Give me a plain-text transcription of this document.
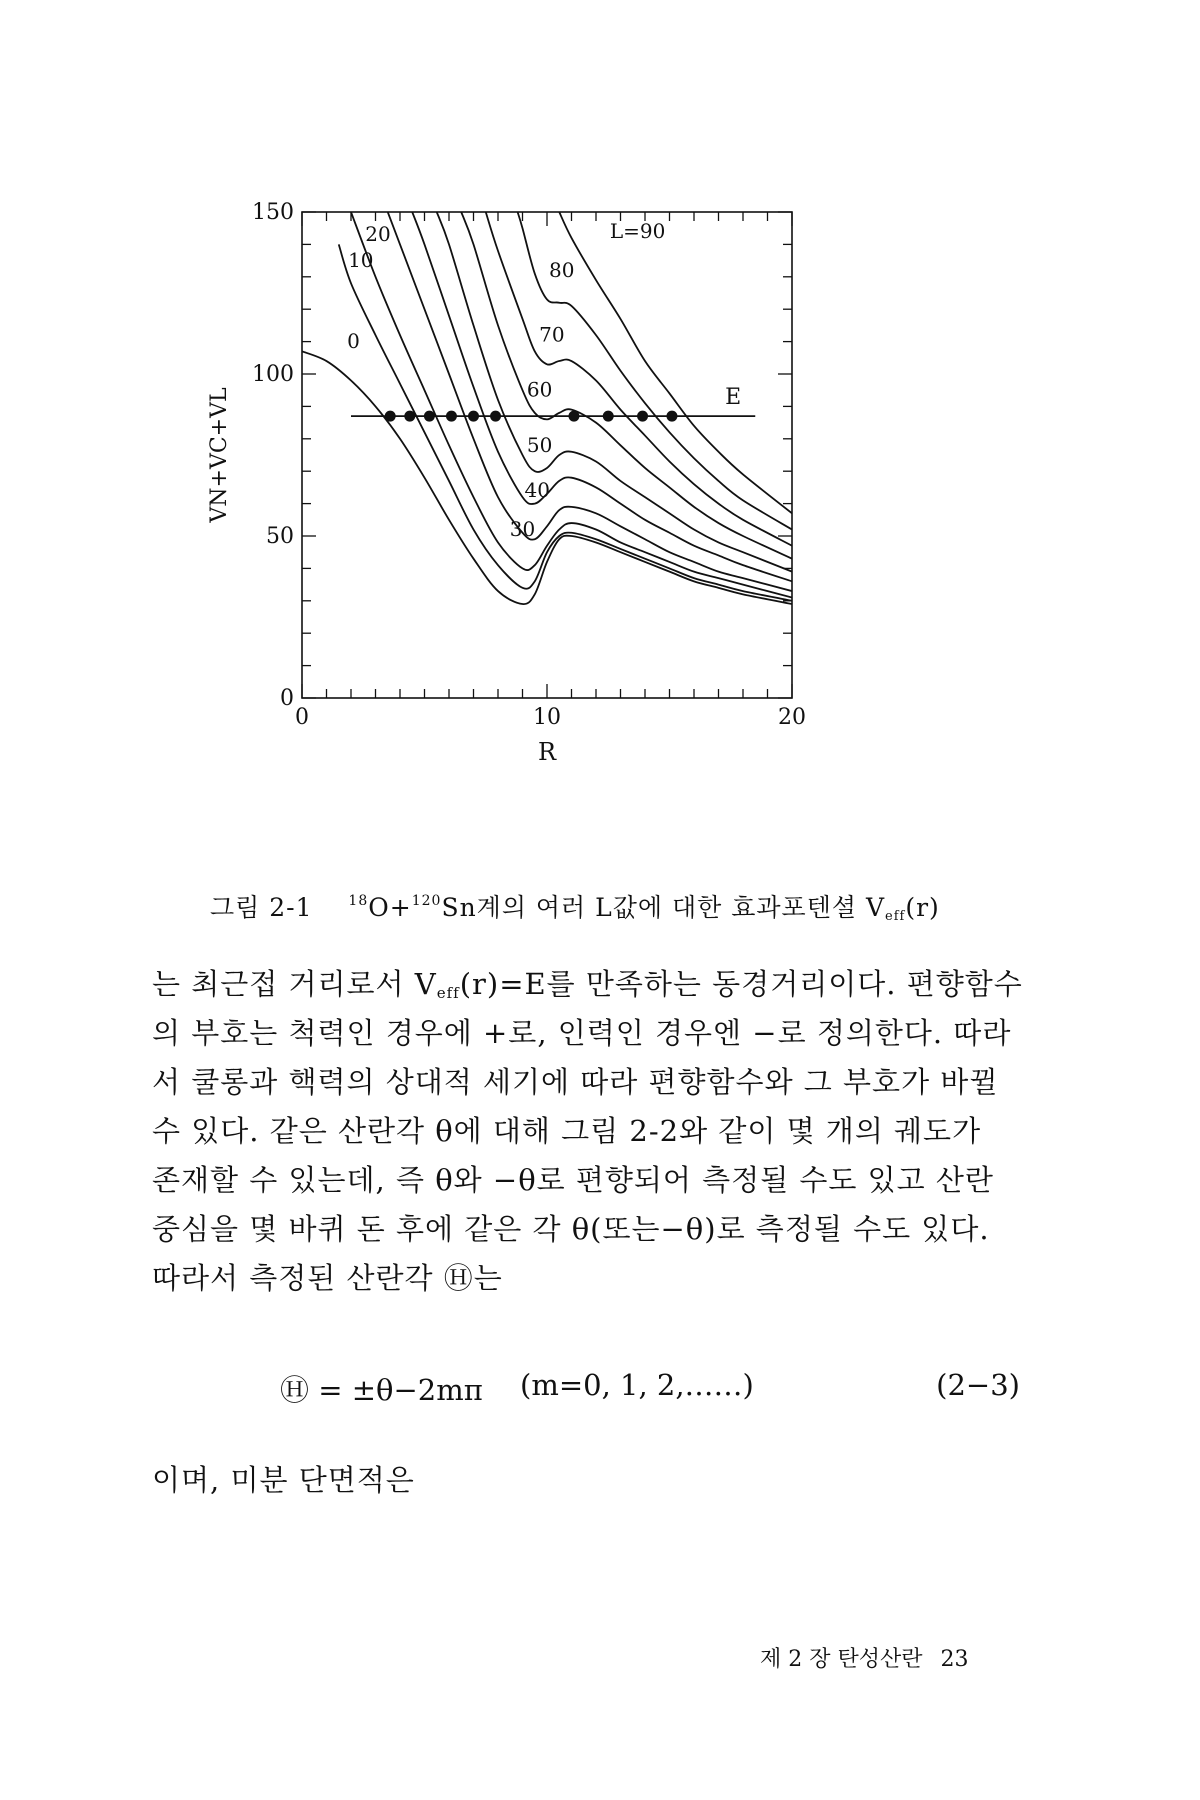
0	10	20
0
50
100
150
R
VN+VC+VL
0
10
20
30
40
50
60
70
80
L=90
E
그림 2-1	$^{18}$O+$^{120}$Sn계의 여러 L값에 대한 효과포텐셜 $V_{eff}(r)$
는 최근접 거리로서 Veff(r)=E를 만족하는 동경거리이다. 편향함수
의 부호는 척력인 경우에 +로, 인력인 경우엔 −로 정의한다. 따라
서 쿨롱과 핵력의 상대적 세기에 따라 편향함수와 그 부호가 바뀔
수 있다. 같은 산란각 θ에 대해 그림 2-2와 같이 몇 개의 궤도가
존재할 수 있는데, 즉 θ와 −θ로 편향되어 측정될 수도 있고 산란
중심을 몇 바퀴 돈 후에 같은 각 θ(또는−θ)로 측정될 수도 있다.
따라서 측정된 산란각 Ⓗ는
Ⓗ = ±θ−2mπ (m=0, 1, 2,……)	(2−3)
이며, 미분 단면적은
제 2 장 탄성산란 23
